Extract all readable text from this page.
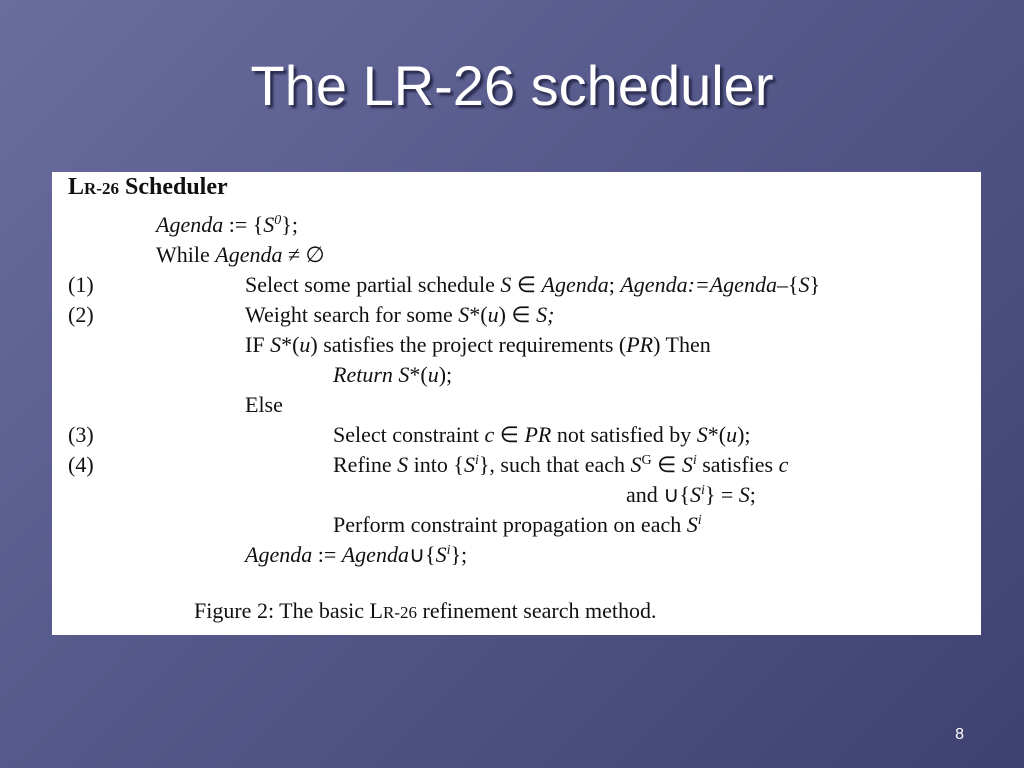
The LR-26 scheduler
LR-26 Scheduler
Agenda := $\{S^0\}$;
While Agenda ≠ ∅
(1)	Select some partial schedule S ∈ Agenda; Agenda:=Agenda–{S}
(2)	Weight search for some S*(u) ∈ S;
IF S*(u) satisfies the project requirements (PR) Then
Return S*(u);
Else
(3)	Select constraint c ∈ PR not satisfied by S*(u);
(4)	Refine S into $\{S^i\}$, such that each $S^G$ ∈ $S^i$ satisfies c
and $\cup\{S^i\} = S$;
Perform constraint propagation on each $S^i$
Agenda := $Agenda\cup\{S^i\}$;
Figure 2: The basic LR-26 refinement search method.
8
